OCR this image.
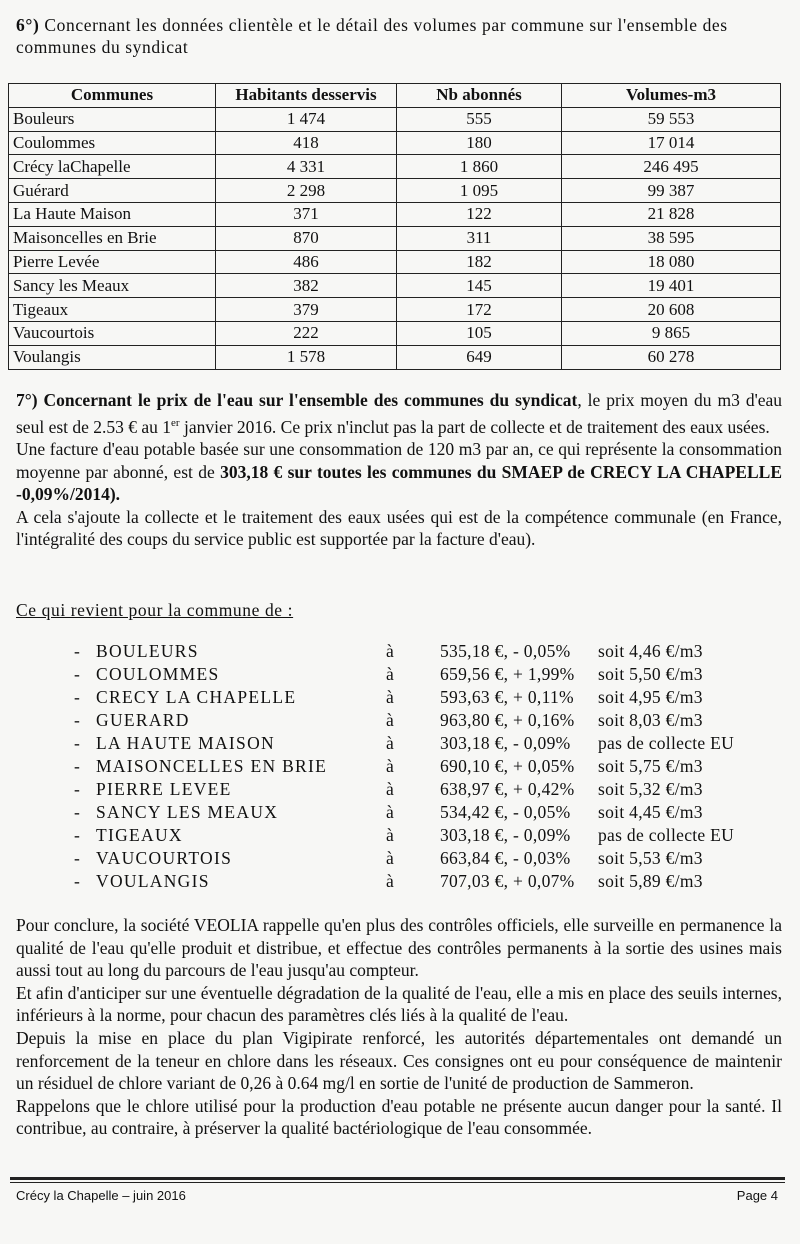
6°) Concernant les données clientèle et le détail des volumes par commune sur l'ensemble des communes du syndicat
Communes	Habitants desservis	Nb abonnés	Volumes-m3
Bouleurs	1 474	555	59 553
Coulommes	418	180	17 014
Crécy laChapelle	4 331	1 860	246 495
Guérard	2 298	1 095	99 387
La Haute Maison	371	122	21 828
Maisoncelles en Brie	870	311	38 595
Pierre Levée	486	182	18 080
Sancy les Meaux	382	145	19 401
Tigeaux	379	172	20 608
Vaucourtois	222	105	9 865
Voulangis	1 578	649	60 278

7°) Concernant le prix de l'eau sur l'ensemble des communes du syndicat, le prix moyen du m3 d'eau seul est de 2.53 € au 1er janvier 2016. Ce prix n'inclut pas la part de collecte et de traitement des eaux usées.

Une facture d'eau potable basée sur une consommation de 120 m3 par an, ce qui représente la consommation moyenne par abonné, est de 303,18 € sur toutes les communes du SMAEP de CRECY LA CHAPELLE -0,09%/2014).

A cela s'ajoute la collecte et le traitement des eaux usées qui est de la compétence communale (en France, l'intégralité des coups du service public est supportée par la facture d'eau).

Ce qui revient pour la commune de :
- BOULEURS	à	535,18 €, - 0,05% soit 4,46 €/m3
- COULOMMES	à	659,56 €, + 1,99% soit 5,50 €/m3
- CRECY LA CHAPELLE	à	593,63 €, + 0,11% soit 4,95 €/m3
- GUERARD	à	963,80 €, + 0,16% soit 8,03 €/m3
- LA HAUTE MAISON	à	303,18 €, - 0,09% pas de collecte EU
- MAISONCELLES EN BRIE	à	690,10 €, + 0,05% soit 5,75 €/m3
- PIERRE LEVEE	à	638,97 €, + 0,42% soit 5,32 €/m3
- SANCY LES MEAUX	à	534,42 €, - 0,05% soit 4,45 €/m3
- TIGEAUX	à	303,18 €, - 0,09% pas de collecte EU
- VAUCOURTOIS	à	663,84 €, - 0,03% soit 5,53 €/m3
- VOULANGIS	à	707,03 €, + 0,07% soit 5,89 €/m3

Pour conclure, la société VEOLIA rappelle qu'en plus des contrôles officiels, elle surveille en permanence la qualité de l'eau qu'elle produit et distribue, et effectue des contrôles permanents à la sortie des usines mais aussi tout au long du parcours de l'eau jusqu'au compteur.

Et afin d'anticiper sur une éventuelle dégradation de la qualité de l'eau, elle a mis en place des seuils internes, inférieurs à la norme, pour chacun des paramètres clés liés à la qualité de l'eau.

Depuis la mise en place du plan Vigipirate renforcé, les autorités départementales ont demandé un renforcement de la teneur en chlore dans les réseaux. Ces consignes ont eu pour conséquence de maintenir un résiduel de chlore variant de 0,26 à 0.64 mg/l en sortie de l'unité de production de Sammeron.

Rappelons que le chlore utilisé pour la production d'eau potable ne présente aucun danger pour la santé. Il contribue, au contraire, à préserver la qualité bactériologique de l'eau consommée.

Crécy la Chapelle – juin 2016	Page 4
